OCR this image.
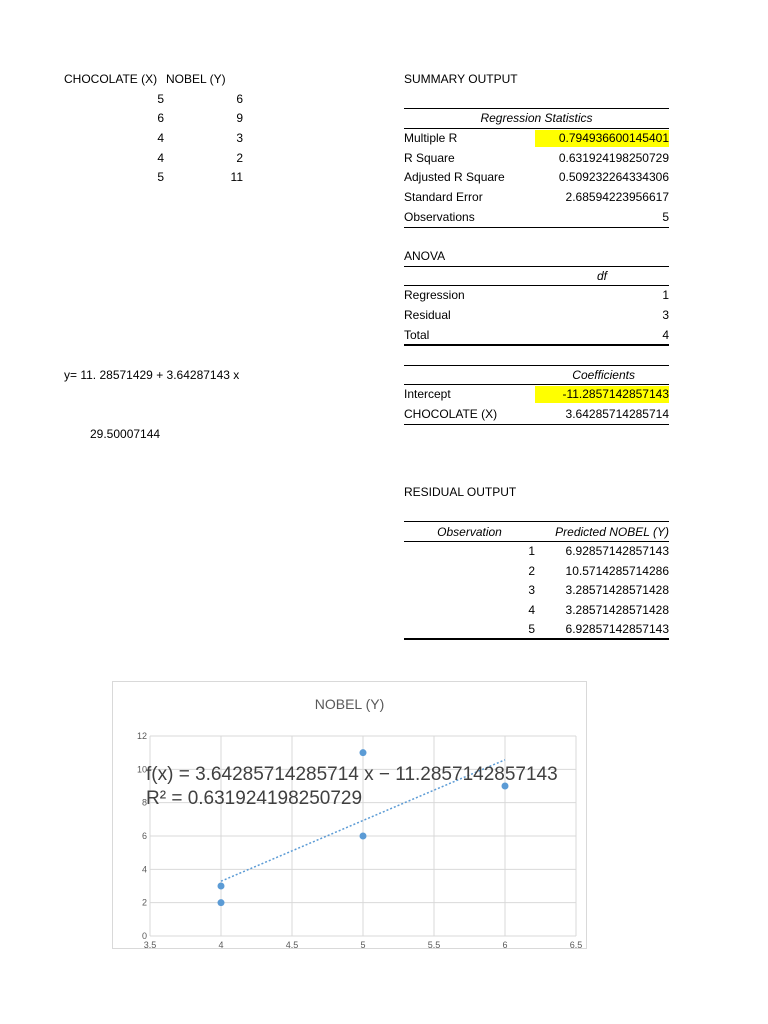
CHOCOLATE (X) NOBEL (Y)
5	6
6	9
4	3
4	2
5	11
y= 11. 28571429 + 3.64287143 x
29.50007144
SUMMARY OUTPUT
Regression Statistics
Multiple R	0.794936600145401
R Square	0.631924198250729
Adjusted R Square	0.509232264334306
Standard Error	2.68594223956617
Observations	5
ANOVA
df
Regression	1
Residual	3
Total	4
Coefficients
Intercept	-11.2857142857143
CHOCOLATE (X)	3.64285714285714
RESIDUAL OUTPUT
Observation	Predicted NOBEL (Y)
1	6.92857142857143
2	10.5714285714286
3	3.28571428571428
4	3.28571428571428
5	6.92857142857143
NOBEL (Y)
0
2
4
6
8
10
12
3.5	4	4.5	5	5.5	6	6.5
f(x) = 3.64285714285714 x − 11.2857142857143
R² = 0.631924198250729
